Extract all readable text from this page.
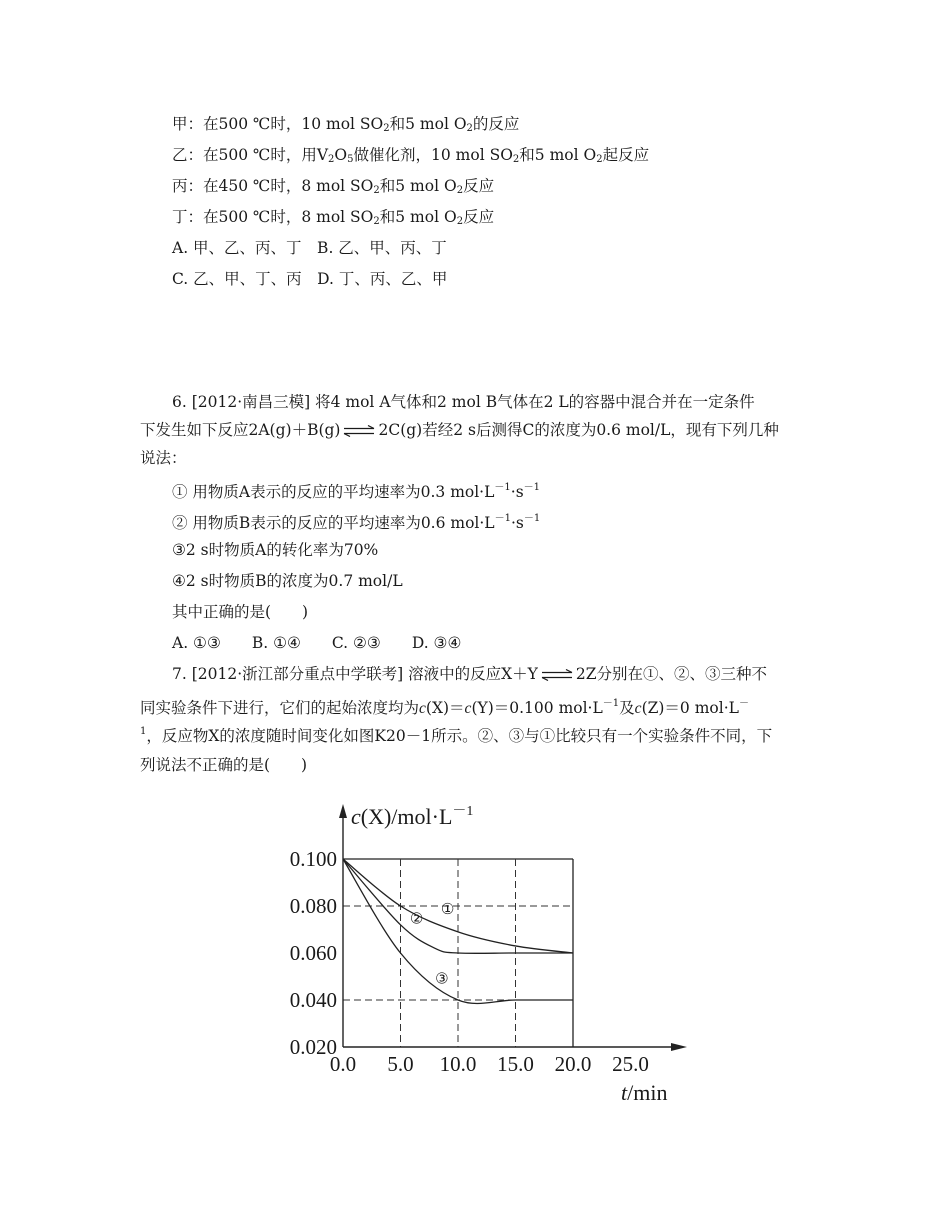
甲：在500 ℃时，10 mol $SO_2$和5 mol $O_2$的反应
乙：在500 ℃时，用$V_2O_5$做催化剂，10 mol $SO_2$和5 mol $O_2$起反应
丙：在450 ℃时，8 mol $SO_2$和5 mol $O_2$反应
丁：在500 ℃时，8 mol $SO_2$和5 mol $O_2$反应
A. 甲、乙、丙、丁　B. 乙、甲、丙、丁
C. 乙、甲、丁、丙　D. 丁、丙、乙、甲
6. [2012·南昌三模] 将4 mol A气体和2 mol B气体在2 L的容器中混合并在一定条件
下发生如下反应2A(g)＋B(g)⇌2C(g)若经2 s后测得C的浓度为0.6 mol/L，现有下列几种
说法：
① 用物质A表示的反应的平均速率为0.3 $mol\cdot L^{-1}\cdot s^{-1}$
② 用物质B表示的反应的平均速率为0.6 $mol\cdot L^{-1}\cdot s^{-1}$
③2 s时物质A的转化率为70%
④2 s时物质B的浓度为0.7 mol/L
其中正确的是(　　)
A. ①③　　B. ①④　　C. ②③　　D. ③④
7. [2012·浙江部分重点中学联考] 溶液中的反应X＋Y⇌2Z分别在①、②、③三种不
同实验条件下进行，它们的起始浓度均为c(X)＝c(Y)＝0.100 $mol\cdot L^{-1}$及c(Z)＝0 mol·L－
$^1$，反应物X的浓度随时间变化如图K20－1所示。②、③与①比较只有一个实验条件不同，下
列说法不正确的是(　　)
0.0 5.0 10.0 15.0 20.0 25.0
0.100
0.080
0.060
0.040
0.020
①
②
③
$c(X)/mol\cdot L^{-1}$
t/min
